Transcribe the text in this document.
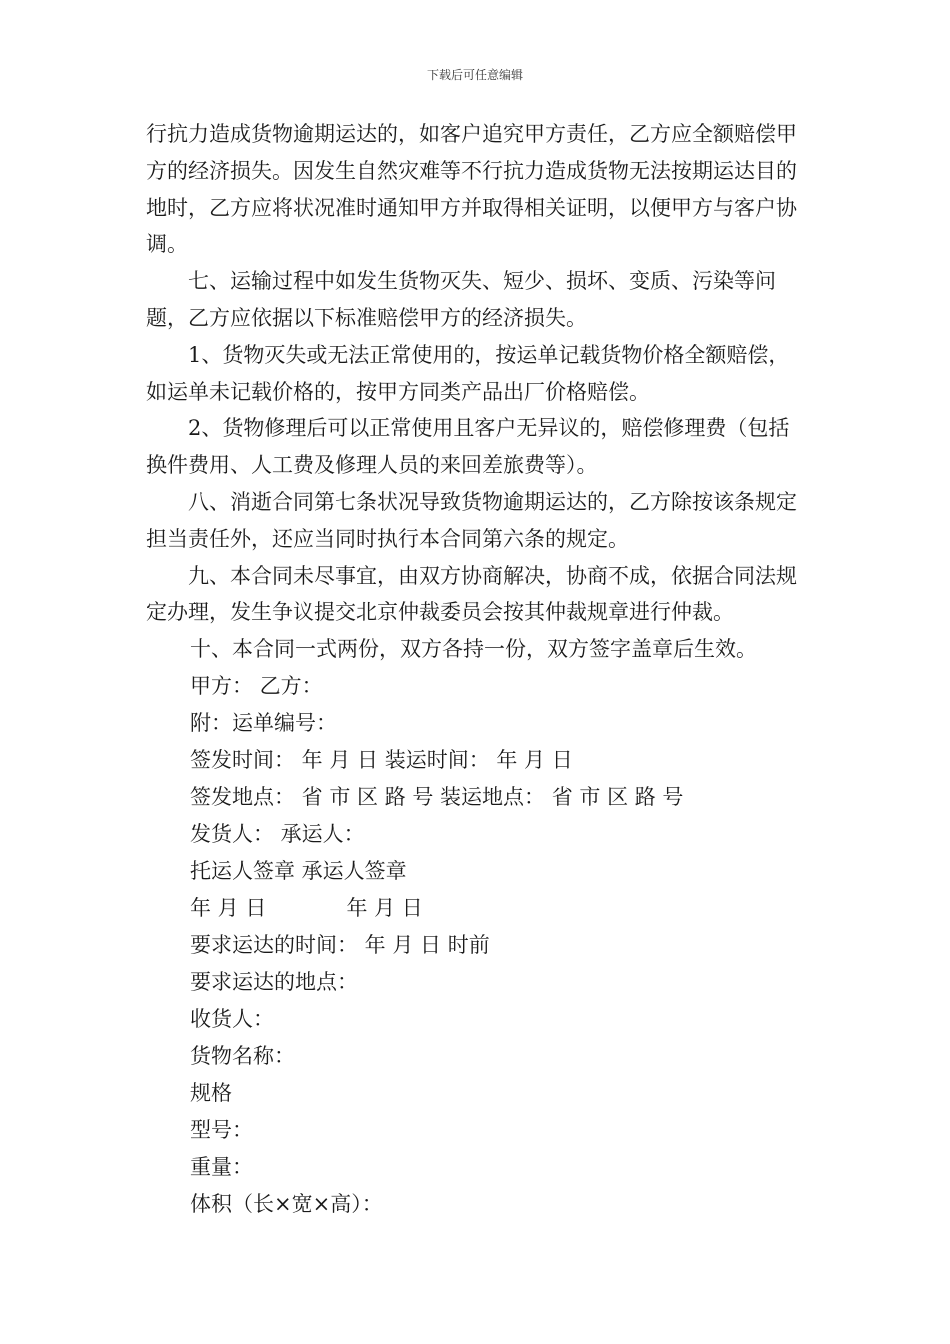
下载后可任意编辑

行抗力造成货物逾期运达的，如客户追究甲方责任，乙方应全额赔偿甲方的经济损失。因发生自然灾难等不行抗力造成货物无法按期运达目的地时，乙方应将状况准时通知甲方并取得相关证明，以便甲方与客户协调。

七、运输过程中如发生货物灭失、短少、损坏、变质、污染等问题，乙方应依据以下标准赔偿甲方的经济损失。

1、货物灭失或无法正常使用的，按运单记载货物价格全额赔偿，如运单未记载价格的，按甲方同类产品出厂价格赔偿。

2、货物修理后可以正常使用且客户无异议的，赔偿修理费（包括换件费用、人工费及修理人员的来回差旅费等）。

八、消逝合同第七条状况导致货物逾期运达的，乙方除按该条规定担当责任外，还应当同时执行本合同第六条的规定。

九、本合同未尽事宜，由双方协商解决，协商不成，依据合同法规定办理，发生争议提交北京仲裁委员会按其仲裁规章进行仲裁。

十、本合同一式两份，双方各持一份，双方签字盖章后生效。

甲方： 乙方：

附：运单编号：

签发时间： 年 月 日 装运时间： 年 月 日

签发地点： 省 市 区 路 号 装运地点： 省 市 区 路 号

发货人： 承运人：

托运人签章 承运人签章

年 月 日            年 月 日

要求运达的时间： 年 月 日 时前

要求运达的地点：

收货人：

货物名称：

规格

型号：

重量：

体积（长×宽×高）：
